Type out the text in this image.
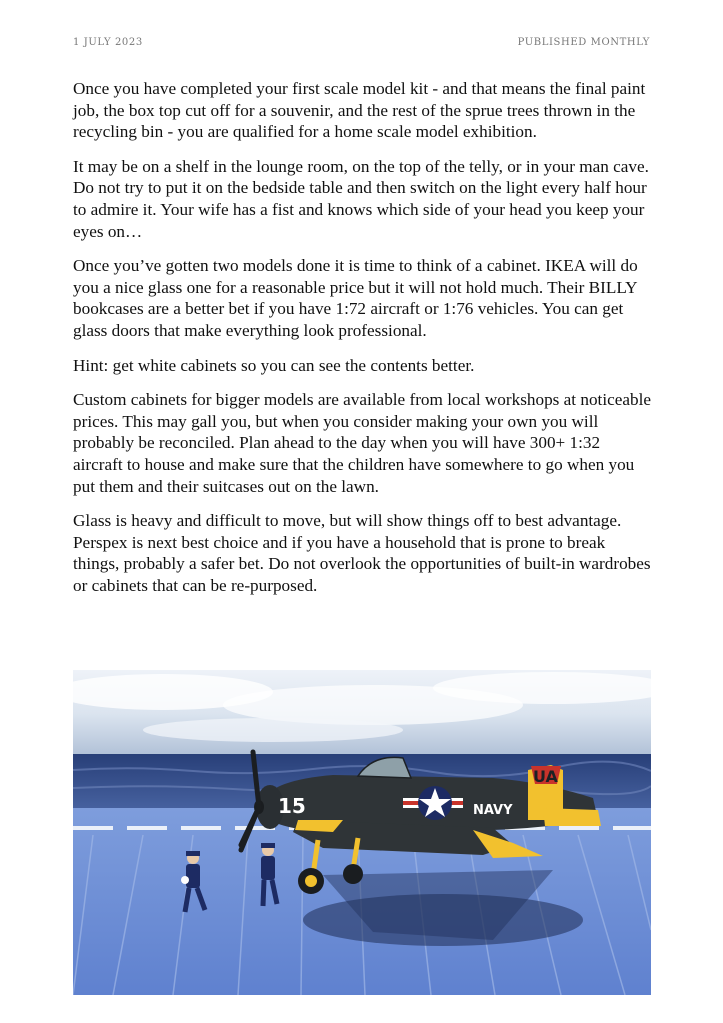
1 JULY 2023	PUBLISHED MONTHLY

Once you have completed your first scale model kit - and that means the final paint job, the box top cut off for a souvenir, and the rest of the sprue trees thrown in the recycling bin - you are qualified for a home scale model exhibition.

It may be on a shelf in the lounge room, on the top of the telly, or in your man cave. Do not try to put it on the bedside table and then switch on the light every half hour to admire it. Your wife has a fist and knows which side of your head you keep your eyes on…

Once you’ve gotten two models done it is time to think of a cabinet. IKEA will do you a nice glass one for a reasonable price but it will not hold much. Their BILLY bookcases are a better bet if you have 1:72 aircraft or 1:76 vehicles. You can get glass doors that make everything look professional.

Hint: get white cabinets so you can see the contents better.

Custom cabinets for bigger models are available from local workshops at noticeable prices. This may gall you, but when you consider making your own you will probably be reconciled. Plan ahead to the day when you will have 300+ 1:32 aircraft to house and make sure that the children have somewhere to go when you put them and their suitcases out on the lawn.

Glass is heavy and difficult to move, but will show things off to best advantage. Perspex is next best choice and if you have a household that is prone to break things, probably a safer bet. Do not overlook the opportunities of built-in wardrobes or cabinets that can be re-purposed.

15	NAVY
UA
